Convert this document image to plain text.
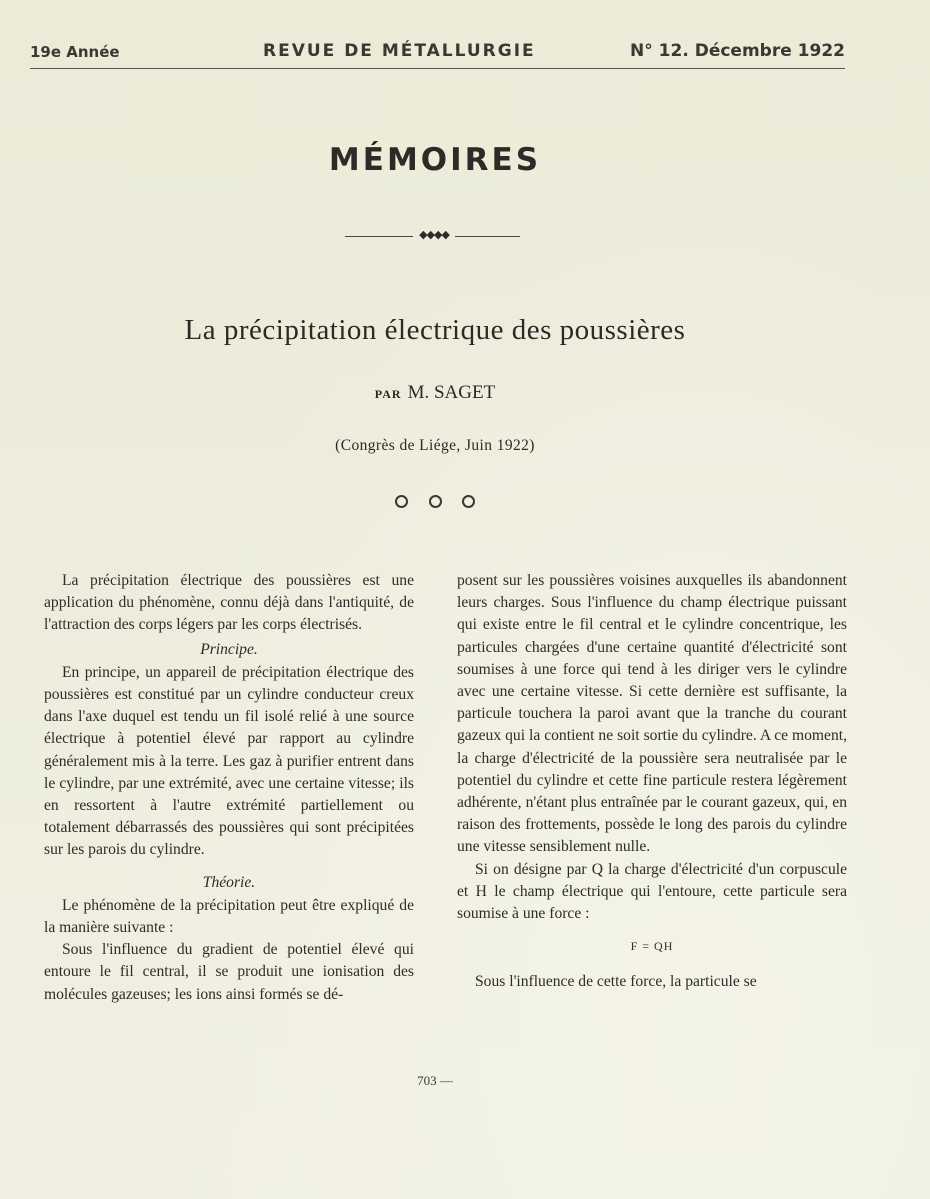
19e Année	REVUE DE MÉTALLURGIE	N° 12. Décembre 1922
MÉMOIRES
◆◆◆◆
La précipitation électrique des poussières
PAR M. SAGET
(Congrès de Liége, Juin 1922)

La précipitation électrique des poussières est une application du phénomène, connu déjà dans l'antiquité, de l'attraction des corps légers par les corps électrisés.

Principe.

En principe, un appareil de précipitation électrique des poussières est constitué par un cylindre conducteur creux dans l'axe duquel est tendu un fil isolé relié à une source électrique à potentiel élevé par rapport au cylindre généralement mis à la terre. Les gaz à purifier entrent dans le cylindre, par une extrémité, avec une certaine vitesse; ils en ressortent à l'autre extrémité partiellement ou totalement débarrassés des poussières qui sont précipitées sur les parois du cylindre.

Théorie.

Le phénomène de la précipitation peut être expliqué de la manière suivante :

Sous l'influence du gradient de potentiel élevé qui entoure le fil central, il se produit une ionisation des molécules gazeuses; les ions ainsi formés se dé-

posent sur les poussières voisines auxquelles ils abandonnent leurs charges. Sous l'influence du champ électrique puissant qui existe entre le fil central et le cylindre concentrique, les particules chargées d'une certaine quantité d'électricité sont soumises à une force qui tend à les diriger vers le cylindre avec une certaine vitesse. Si cette dernière est suffisante, la particule touchera la paroi avant que la tranche du courant gazeux qui la contient ne soit sortie du cylindre. A ce moment, la charge d'électricité de la poussière sera neutralisée par le potentiel du cylindre et cette fine particule restera légèrement adhérente, n'étant plus entraînée par le courant gazeux, qui, en raison des frottements, possède le long des parois du cylindre une vitesse sensiblement nulle.

Si on désigne par Q la charge d'électricité d'un corpuscule et H le champ électrique qui l'entoure, cette particule sera soumise à une force :

F = QH

Sous l'influence de cette force, la particule se

703 —
